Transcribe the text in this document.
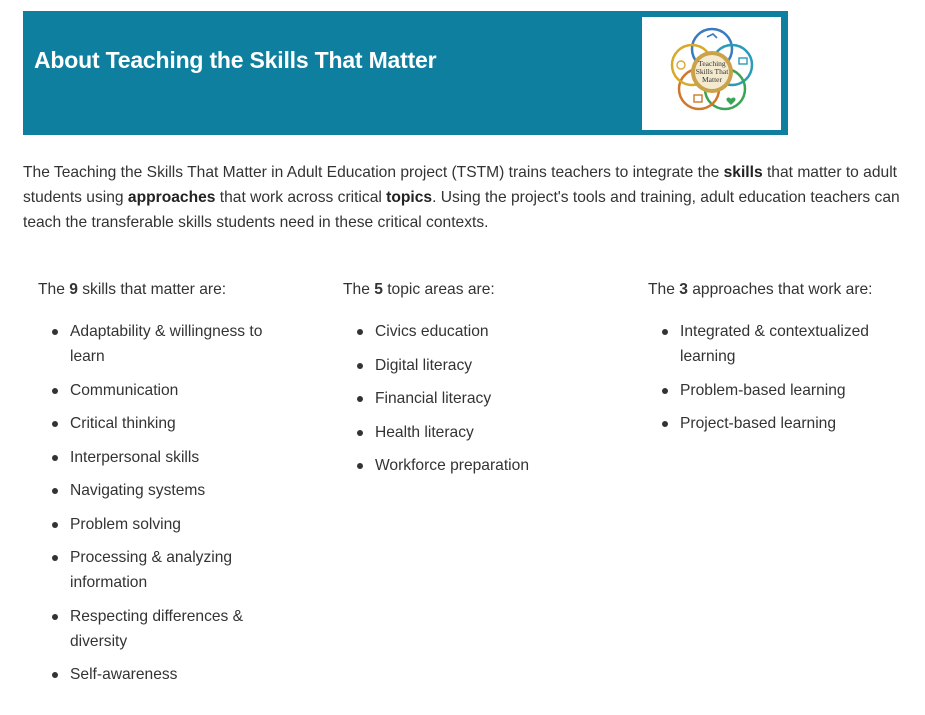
About Teaching the Skills That Matter	Teaching
Skills That
Matter

The Teaching the Skills That Matter in Adult Education project (TSTM) trains teachers to integrate the skills that matter to adult students using approaches that work across critical topics. Using the project's tools and training, adult education teachers can teach the transferable skills students need in these critical contexts.

The 9 skills that matter are:

Adaptability & willingness to learn
Communication
Critical thinking
Interpersonal skills
Navigating systems
Problem solving
Processing & analyzing information
Respecting differences & diversity
Self-awareness

The 5 topic areas are:

Civics education
Digital literacy
Financial literacy
Health literacy
Workforce preparation

The 3 approaches that work are:

Integrated & contextualized learning
Problem-based learning
Project-based learning
